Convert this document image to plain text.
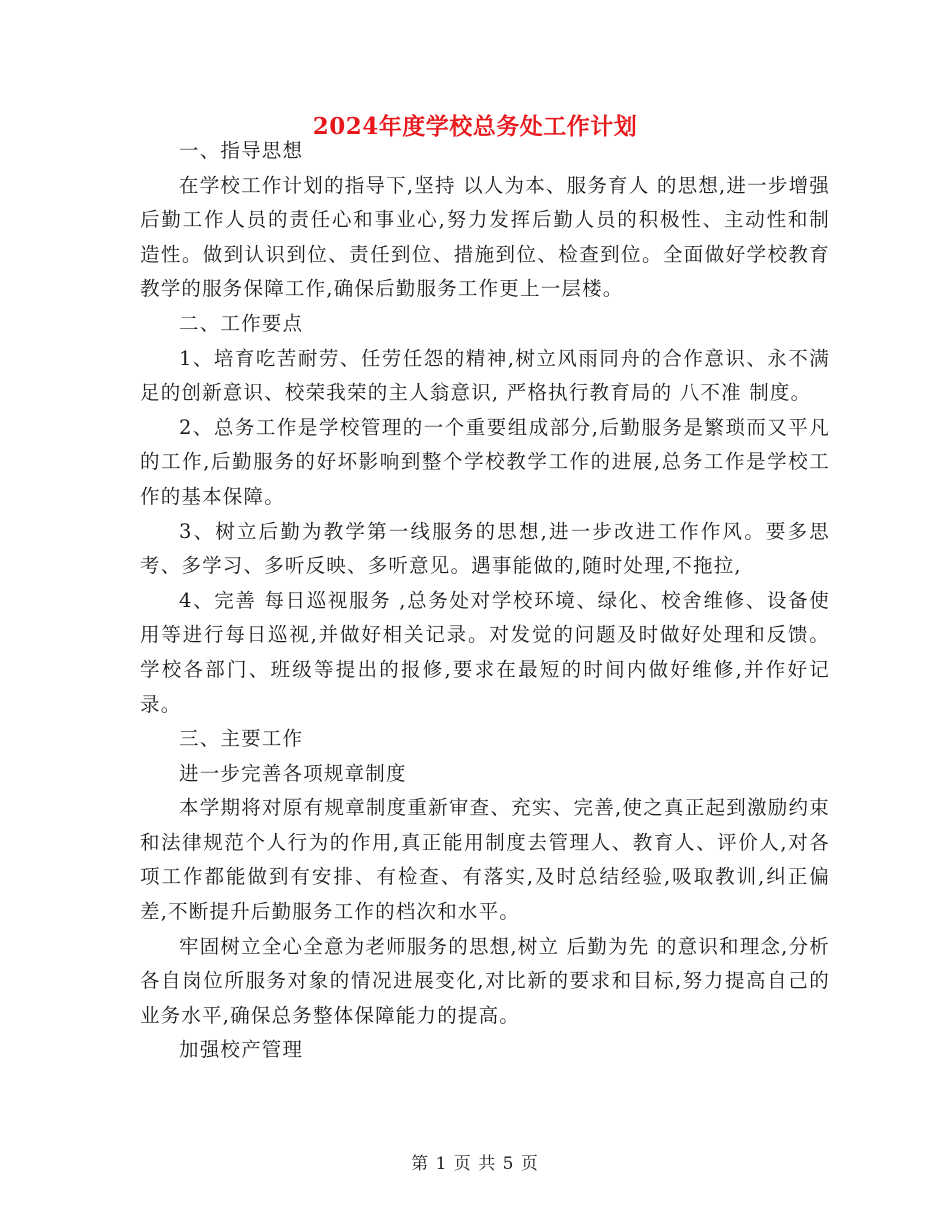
2024年度学校总务处工作计划

一、指导思想

在学校工作计划的指导下,坚持 以人为本、服务育人 的思想,进一步增强后勤工作人员的责任心和事业心,努力发挥后勤人员的积极性、主动性和制造性。做到认识到位、责任到位、措施到位、检查到位。全面做好学校教育教学的服务保障工作,确保后勤服务工作更上一层楼。

二、工作要点

1、培育吃苦耐劳、任劳任怨的精神,树立风雨同舟的合作意识、永不满足的创新意识、校荣我荣的主人翁意识, 严格执行教育局的 八不准 制度。

2、总务工作是学校管理的一个重要组成部分,后勤服务是繁琐而又平凡的工作,后勤服务的好坏影响到整个学校教学工作的进展,总务工作是学校工作的基本保障。

3、树立后勤为教学第一线服务的思想,进一步改进工作作风。要多思考、多学习、多听反映、多听意见。遇事能做的,随时处理,不拖拉,

4、完善 每日巡视服务 ,总务处对学校环境、绿化、校舍维修、设备使用等进行每日巡视,并做好相关记录。对发觉的问题及时做好处理和反馈。学校各部门、班级等提出的报修,要求在最短的时间内做好维修,并作好记录。

三、主要工作

进一步完善各项规章制度

本学期将对原有规章制度重新审查、充实、完善,使之真正起到激励约束和法律规范个人行为的作用,真正能用制度去管理人、教育人、评价人,对各项工作都能做到有安排、有检查、有落实,及时总结经验,吸取教训,纠正偏差,不断提升后勤服务工作的档次和水平。

牢固树立全心全意为老师服务的思想,树立 后勤为先 的意识和理念,分析各自岗位所服务对象的情况进展变化,对比新的要求和目标,努力提高自己的业务水平,确保总务整体保障能力的提高。

加强校产管理

第 1 页 共 5 页
